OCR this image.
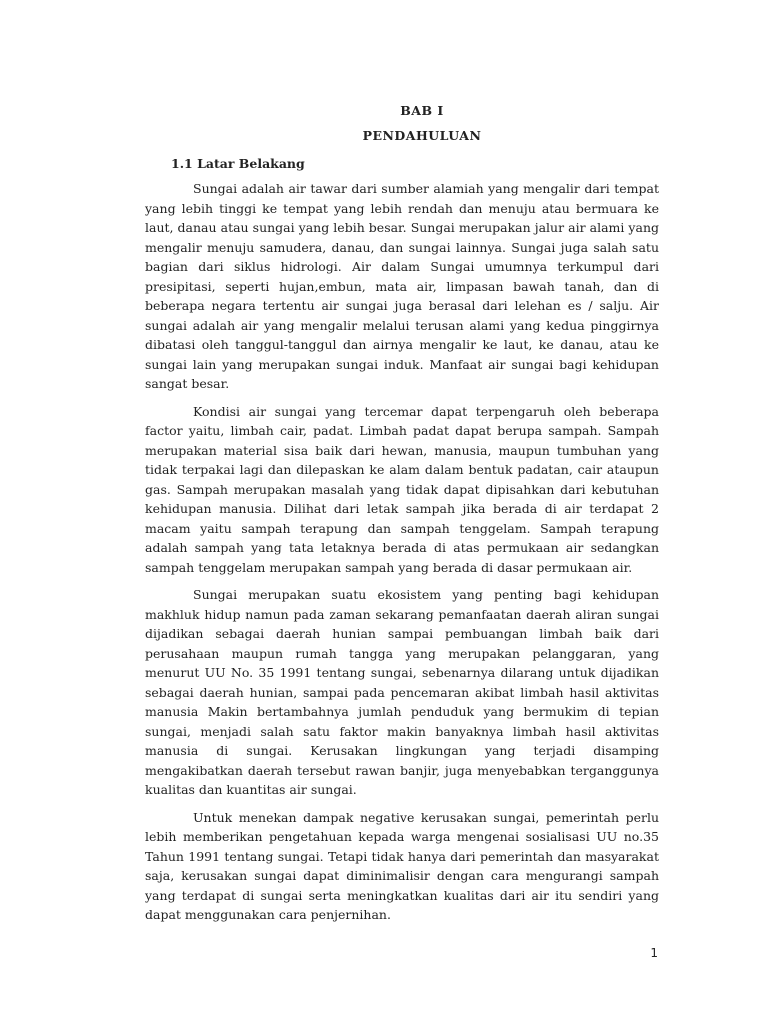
BAB I

PENDAHULUAN

1.1 Latar Belakang

Sungai adalah air tawar dari sumber alamiah yang mengalir dari tempat yang lebih tinggi ke tempat yang lebih rendah dan menuju atau bermuara ke laut, danau atau sungai yang lebih besar. Sungai merupakan jalur air alami yang mengalir menuju samudera, danau, dan sungai lainnya. Sungai juga salah satu bagian dari siklus hidrologi. Air dalam Sungai umumnya terkumpul dari presipitasi, seperti hujan,embun, mata air, limpasan bawah tanah, dan di beberapa negara tertentu air sungai juga berasal dari lelehan es / salju. Air sungai adalah air yang mengalir melalui terusan alami yang kedua pinggirnya dibatasi oleh tanggul-tanggul dan airnya mengalir ke laut, ke danau, atau ke sungai lain yang merupakan sungai induk. Manfaat air sungai bagi kehidupan sangat besar.

Kondisi air sungai yang tercemar dapat terpengaruh oleh beberapa factor yaitu, limbah cair, padat. Limbah padat dapat berupa sampah. Sampah merupakan material sisa baik dari hewan, manusia, maupun tumbuhan yang tidak terpakai lagi dan dilepaskan ke alam dalam bentuk padatan, cair ataupun gas. Sampah merupakan masalah yang tidak dapat dipisahkan dari kebutuhan kehidupan manusia. Dilihat dari letak sampah jika berada di air terdapat 2 macam yaitu sampah terapung dan sampah tenggelam. Sampah terapung adalah sampah yang tata letaknya berada di atas permukaan air sedangkan sampah tenggelam merupakan sampah yang berada di dasar permukaan air.

Sungai merupakan suatu ekosistem yang penting bagi kehidupan makhluk hidup namun pada zaman sekarang pemanfaatan daerah aliran sungai dijadikan sebagai daerah hunian sampai pembuangan limbah baik dari perusahaan maupun rumah tangga yang merupakan pelanggaran, yang menurut UU No. 35 1991 tentang sungai, sebenarnya dilarang untuk dijadikan sebagai daerah hunian, sampai pada pencemaran akibat limbah hasil aktivitas manusia Makin bertambahnya jumlah penduduk yang bermukim di tepian sungai, menjadi salah satu faktor makin banyaknya limbah hasil aktivitas manusia di sungai. Kerusakan lingkungan yang terjadi disamping mengakibatkan daerah tersebut rawan banjir, juga menyebabkan terganggunya kualitas dan kuantitas air sungai.

Untuk menekan dampak negative kerusakan sungai, pemerintah perlu lebih memberikan pengetahuan kepada warga mengenai sosialisasi UU no.35 Tahun 1991 tentang sungai. Tetapi tidak hanya dari pemerintah dan masyarakat saja, kerusakan sungai dapat diminimalisir dengan cara mengurangi sampah yang terdapat di sungai serta meningkatkan kualitas dari air itu sendiri yang dapat menggunakan cara penjernihan.

1
